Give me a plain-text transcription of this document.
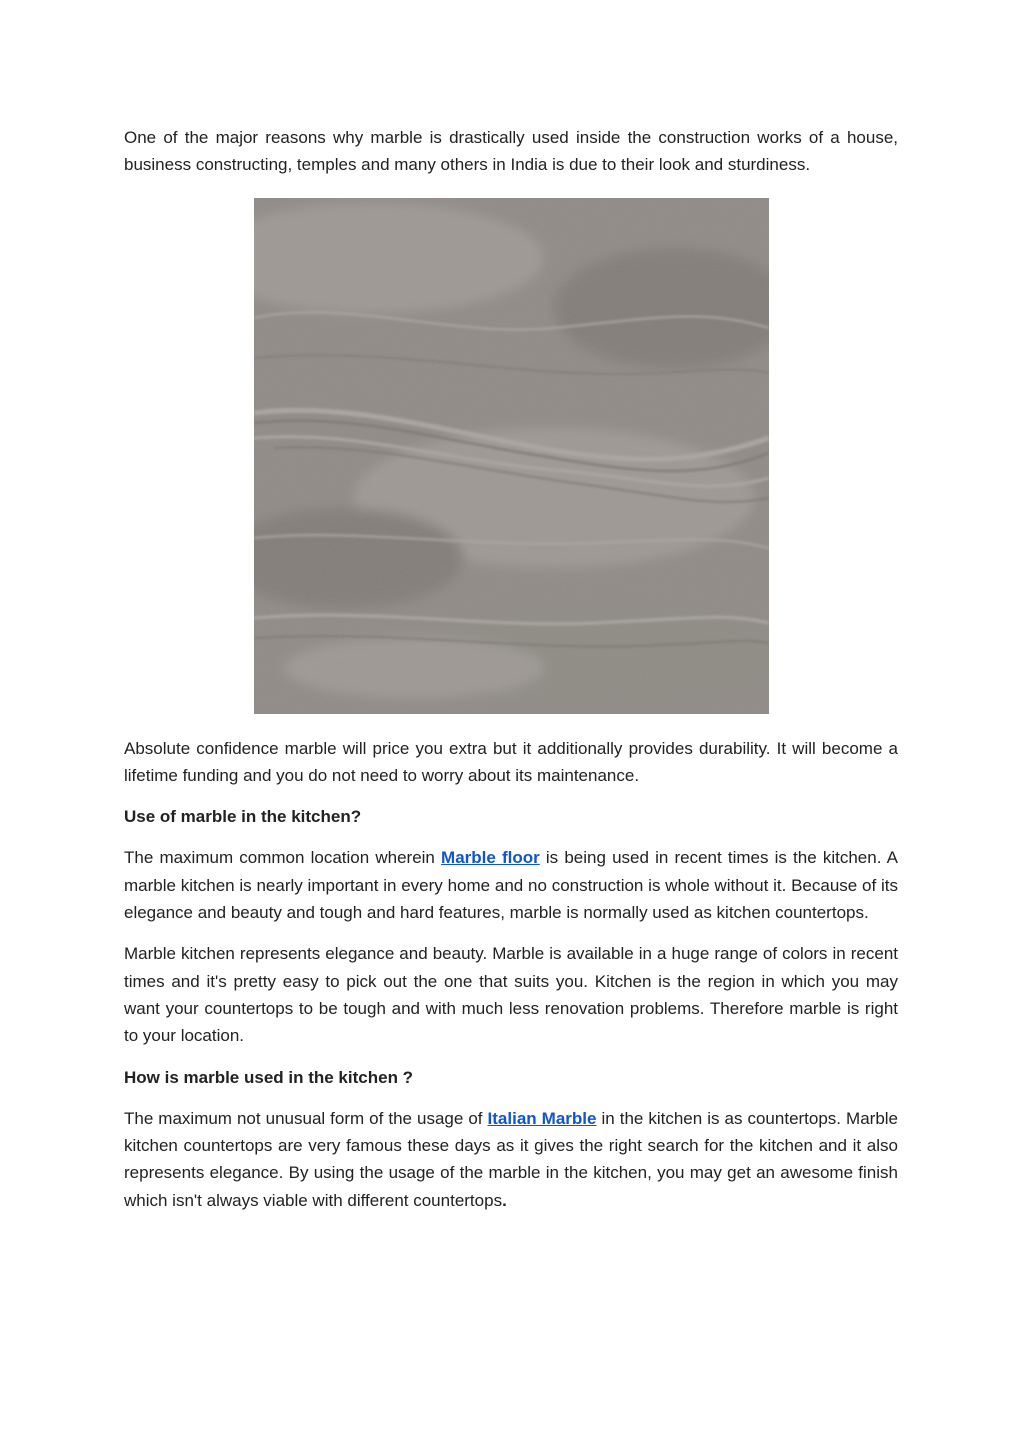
One of the major reasons why marble is drastically used inside the construction works of a house, business constructing, temples and many others in India is due to their look and sturdiness.

Absolute confidence marble will price you extra but it additionally provides durability. It will become a lifetime funding and you do not need to worry about its maintenance.

Use of marble in the kitchen?

The maximum common location wherein Marble floor is being used in recent times is the kitchen. A marble kitchen is nearly important in every home and no construction is whole without it. Because of its elegance and beauty and tough and hard features, marble is normally used as kitchen countertops.

Marble kitchen represents elegance and beauty. Marble is available in a huge range of colors in recent times and it's pretty easy to pick out the one that suits you. Kitchen is the region in which you may want your countertops to be tough and with much less renovation problems. Therefore marble is right to your location.

How is marble used in the kitchen ?

The maximum not unusual form of the usage of Italian Marble in the kitchen is as countertops. Marble kitchen countertops are very famous these days as it gives the right search for the kitchen and it also represents elegance. By using the usage of the marble in the kitchen, you may get an awesome finish which isn't always viable with different countertops.
